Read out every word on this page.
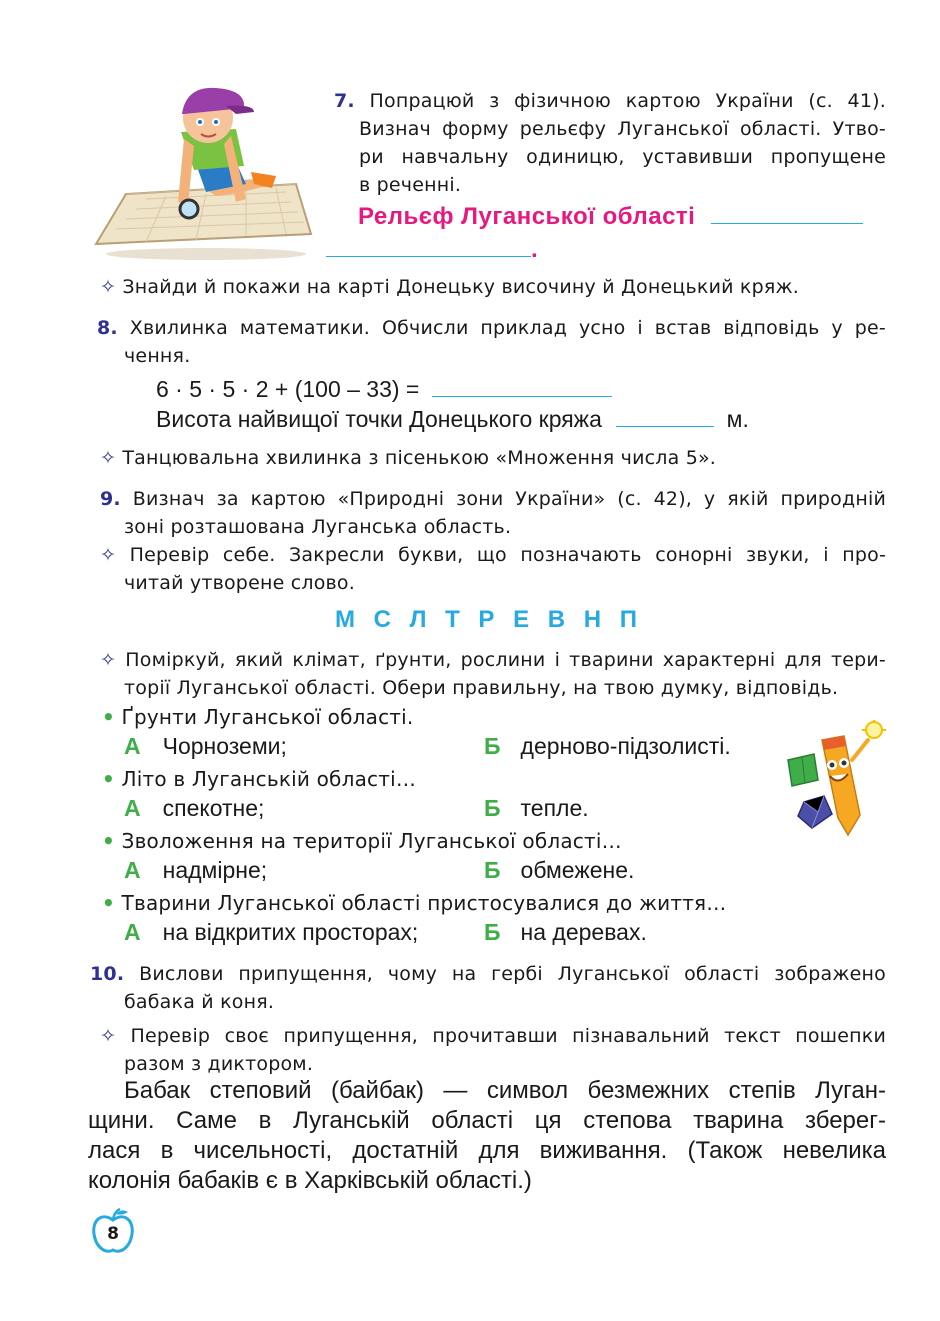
7. Попрацюй з фізичною картою України (с. 41).
Визнач форму рельєфу Луганської області. Утво-
ри навчальну одиницю, уставивши пропущене
в реченні.
Рельєф Луганської області
.
✧ Знайди й покажи на карті Донецьку височину й Донецький кряж.
8. Хвилинка математики. Обчисли приклад усно і встав відповідь у ре-
чення.
6 · 5 · 5 · 2 + (100 – 33) =
Висота найвищої точки Донецького кряжа	м.
✧ Танцювальна хвилинка з пісенькою «Множення числа 5».
9. Визнач за картою «Природні зони України» (с. 42), у якій природній
зоні розташована Луганська область.
✧ Перевір себе. Закресли букви, що позначають сонорні звуки, і про-
читай утворене слово.
М С Л Т Р Е В Н П
✧ Поміркуй, який клімат, ґрунти, рослини і тварини характерні для тери-
торії Луганської області. Обери правильну, на твою думку, відповідь.
• Ґрунти Луганської області.
А Чорноземи;	Б дерново-підзолисті.
• Літо в Луганській області…
А спекотне;	Б тепле.
• Зволоження на території Луганської області…
А надмірне;	Б обмежене.
• Тварини Луганської області пристосувалися до життя…
А на відкритих просторах;	Б на деревах.
10. Вислови припущення, чому на гербі Луганської області зображено
бабака й коня.
✧ Перевір своє припущення, прочитавши пізнавальний текст пошепки
разом з диктором.
Бабак степовий (байбак) — символ безмежних степів Луган-
щини. Саме в Луганській області ця степова тварина зберег-
лася в чисельності, достатній для виживання. (Також невелика
колонія бабаків є в Харківській області.)
8
